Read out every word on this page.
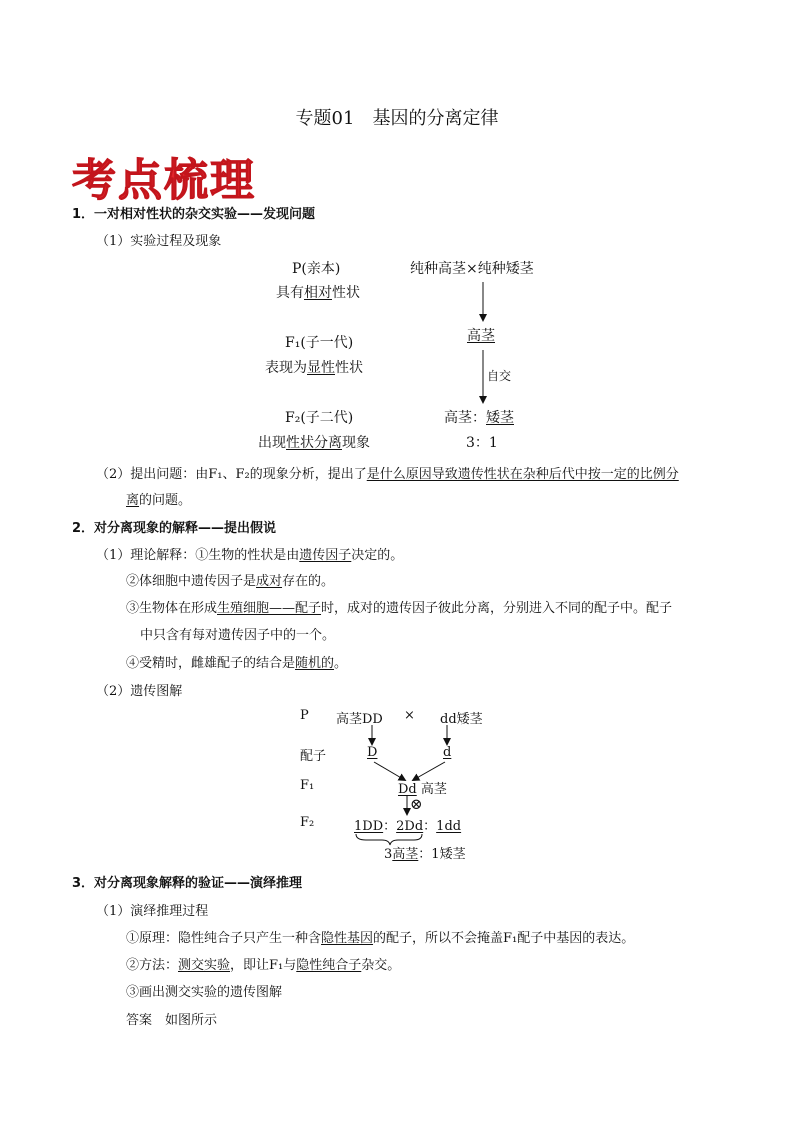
专题01　基因的分离定律
考点梳理
1．一对相对性状的杂交实验——发现问题
（1）实验过程及现象
P(亲本)
具有相对性状
纯种高茎×纯种矮茎
F₁(子一代)
表现为显性性状
高茎
自交
F₂(子二代)
出现性状分离现象
高茎：矮茎
3：1
（2）提出问题：由F₁、F₂的现象分析，提出了是什么原因导致遗传性状在杂种后代中按一定的比例分
离的问题。
2．对分离现象的解释——提出假说
（1）理论解释：①生物的性状是由遗传因子决定的。
②体细胞中遗传因子是成对存在的。
③生物体在形成生殖细胞——配子时，成对的遗传因子彼此分离，分别进入不同的配子中。配子
中只含有每对遗传因子中的一个。
④受精时，雌雄配子的结合是随机的。
（2）遗传图解
P 高茎DD × dd矮茎
配子	D	d
F₁	Dd 高茎
⊗
F₂	1DD：2Dd：1dd
3高茎：1矮茎
3．对分离现象解释的验证——演绎推理
（1）演绎推理过程
①原理：隐性纯合子只产生一种含隐性基因的配子，所以不会掩盖F₁配子中基因的表达。
②方法：测交实验，即让F₁与隐性纯合子杂交。
③画出测交实验的遗传图解
答案　如图所示
